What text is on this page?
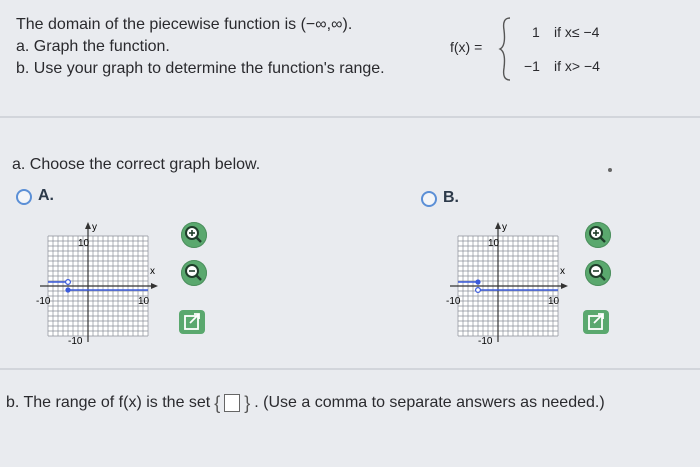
The domain of the piecewise function is (−∞,∞).
a. Graph the function.
b. Use your graph to determine the function's range.
f(x) =
1 if x≤ −4
−1 if x> −4
a. Choose the correct graph below.
A.
y
x
10
-10
-10	10
B.
y
x
10
-10
-10	10
b. The range of f(x) is the set { } . (Use a comma to separate answers as needed.)
